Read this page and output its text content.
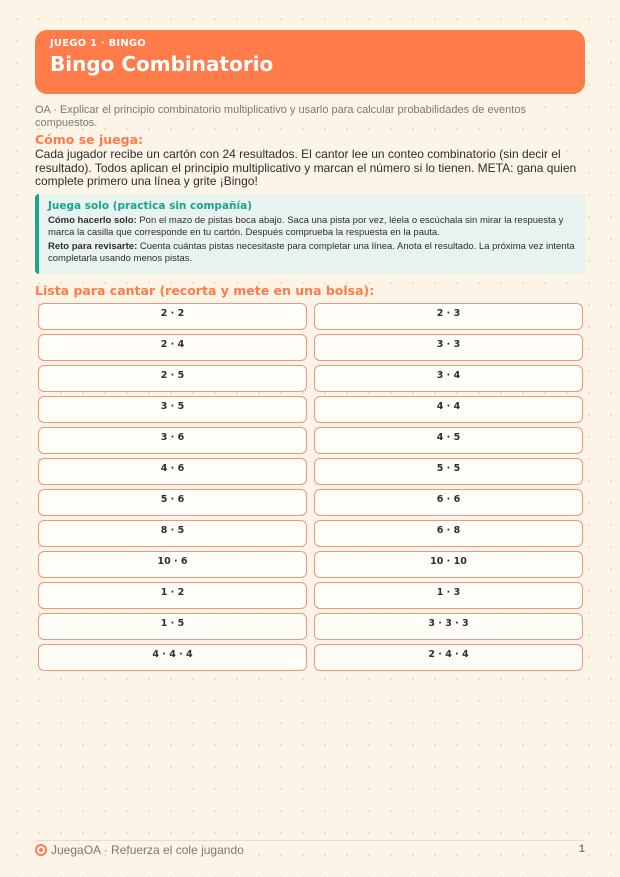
JUEGO 1 · BINGO
Bingo Combinatorio
OA · Explicar el principio combinatorio multiplicativo y usarlo para calcular probabilidades de eventos compuestos.
Cómo se juega:
Cada jugador recibe un cartón con 24 resultados. El cantor lee un conteo combinatorio (sin decir el resultado). Todos aplican el principio multiplicativo y marcan el número si lo tienen. META: gana quien complete primero una línea y grite ¡Bingo!
Juega solo (practica sin compañía)
Cómo hacerlo solo: Pon el mazo de pistas boca abajo. Saca una pista por vez, léela o escúchala sin mirar la respuesta y marca la casilla que corresponde en tu cartón. Después comprueba la respuesta en la pauta.
Reto para revisarte: Cuenta cuántas pistas necesitaste para completar una línea. Anota el resultado. La próxima vez intenta completarla usando menos pistas.
Lista para cantar (recorta y mete en una bolsa):
2 · 2	2 · 3
2 · 4	3 · 3
2 · 5	3 · 4
3 · 5	4 · 4
3 · 6	4 · 5
4 · 6	5 · 5
5 · 6	6 · 6
8 · 5	6 · 8
10 · 6	10 · 10
1 · 2	1 · 3
1 · 5	3 · 3 · 3
4 · 4 · 4	2 · 4 · 4
JuegaOA · Refuerza el cole jugando	1
